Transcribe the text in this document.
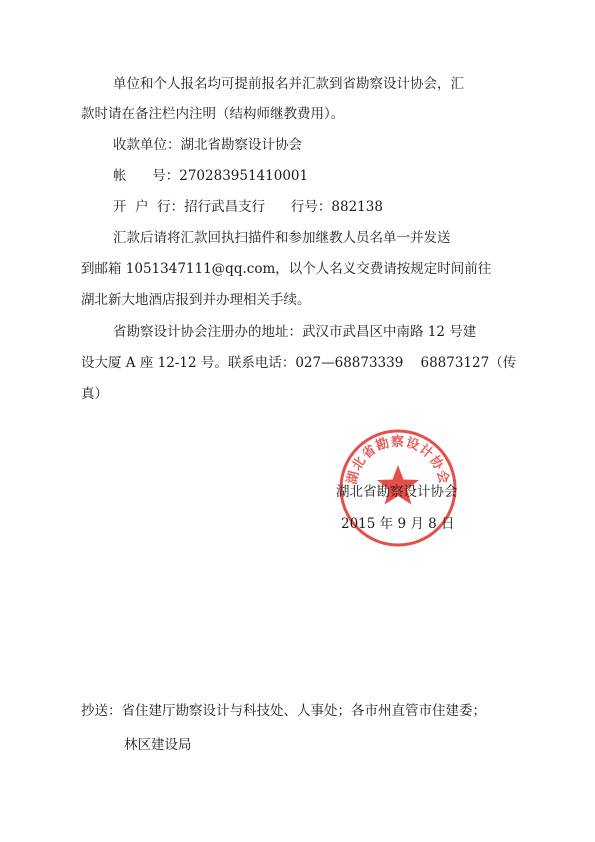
单位和个人报名均可提前报名并汇款到省勘察设计协会，汇
款时请在备注栏内注明（结构师继教费用）。
收款单位：湖北省勘察设计协会
帐      号：270283951410001
开  户  行：招行武昌支行      行号：882138
汇款后请将汇款回执扫描件和参加继教人员名单一并发送
到邮箱 1051347111@qq.com，以个人名义交费请按规定时间前往
湖北新大地酒店报到并办理相关手续。
省勘察设计协会注册办的地址：武汉市武昌区中南路 12 号建
设大厦 A 座 12-12 号。联系电话：027—68873339    68873127（传
真）
湖北省勘察设计协会
湖北省勘察设计协会
2015 年 9 月 8 日
抄送：省住建厅勘察设计与科技处、人事处；各市州直管市住建委；
林区建设局
